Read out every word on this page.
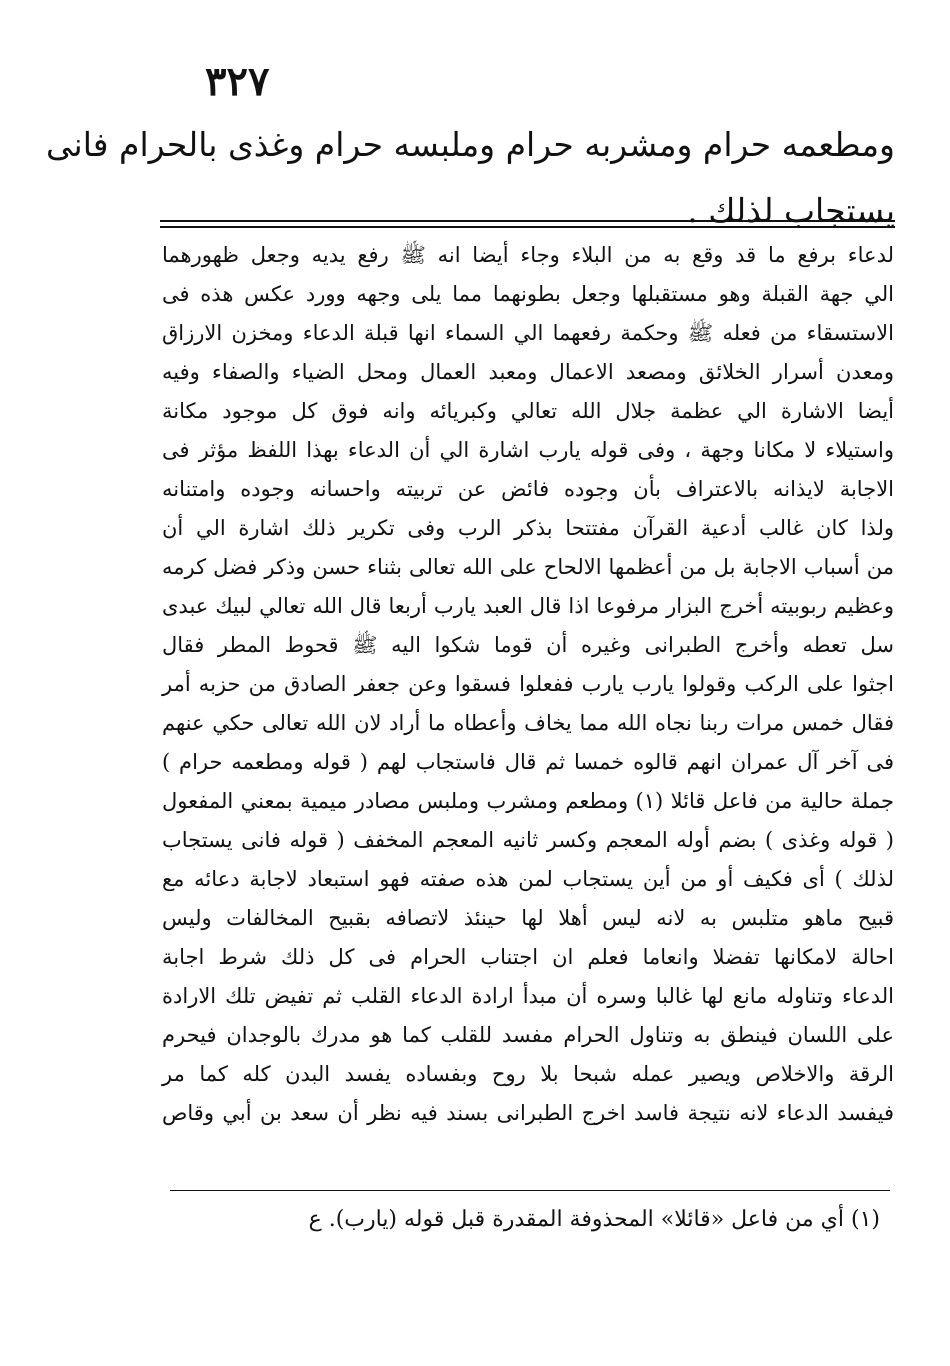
٣٢٧
ومطعمه حرام ومشربه حرام وملبسه حرام وغذى بالحرام فانى
يستجاب لذلك .
لدعاء برفع ما قد وقع به من البلاء وجاء أيضا انه ﷺ رفع يديه وجعل ظهورهما
الي جهة القبلة وهو مستقبلها وجعل بطونهما مما يلى وجهه وورد عكس هذه فى
الاستسقاء من فعله ﷺ وحكمة رفعهما الي السماء انها قبلة الدعاء ومخزن الارزاق
ومعدن أسرار الخلائق ومصعد الاعمال ومعبد العمال ومحل الضياء والصفاء وفيه
أيضا الاشارة الي عظمة جلال الله تعالي وكبريائه وانه فوق كل موجود مكانة
واستيلاء لا مكانا وجهة ، وفى قوله يارب اشارة الي أن الدعاء بهذا اللفظ مؤثر فى
الاجابة لايذانه بالاعتراف بأن وجوده فائض عن تربيته واحسانه وجوده وامتنانه
ولذا كان غالب أدعية القرآن مفتتحا بذكر الرب وفى تكرير ذلك اشارة الي أن
من أسباب الاجابة بل من أعظمها الالحاح على الله تعالى بثناء حسن وذكر فضل كرمه
وعظيم ربوبيته أخرج البزار مرفوعا اذا قال العبد يارب أربعا قال الله تعالي لبيك عبدى
سل تعطه وأخرج الطبرانى وغيره أن قوما شكوا اليه ﷺ قحوط المطر فقال
اجثوا على الركب وقولوا يارب يارب ففعلوا فسقوا وعن جعفر الصادق من حزبه أمر
فقال خمس مرات ربنا نجاه الله مما يخاف وأعطاه ما أراد لان الله تعالى حكي عنهم
فى آخر آل عمران انهم قالوه خمسا ثم قال فاستجاب لهم ( قوله ومطعمه حرام )
جملة حالية من فاعل قائلا (١) ومطعم ومشرب وملبس مصادر ميمية بمعني المفعول
( قوله وغذى ) بضم أوله المعجم وكسر ثانيه المعجم المخفف ( قوله فانى يستجاب
لذلك ) أى فكيف أو من أين يستجاب لمن هذه صفته فهو استبعاد لاجابة دعائه مع
قبيح ماهو متلبس به لانه ليس أهلا لها حينئذ لاتصافه بقبيح المخالفات وليس
احالة لامكانها تفضلا وانعاما فعلم ان اجتناب الحرام فى كل ذلك شرط اجابة
الدعاء وتناوله مانع لها غالبا وسره أن مبدأ ارادة الدعاء القلب ثم تفيض تلك الارادة
على اللسان فينطق به وتناول الحرام مفسد للقلب كما هو مدرك بالوجدان فيحرم
الرقة والاخلاص ويصير عمله شبحا بلا روح وبفساده يفسد البدن كله كما مر
فيفسد الدعاء لانه نتيجة فاسد اخرج الطبرانى بسند فيه نظر أن سعد بن أبي وقاص
(١) أي من فاعل «قائلا» المحذوفة المقدرة قبل قوله (يارب). ع
